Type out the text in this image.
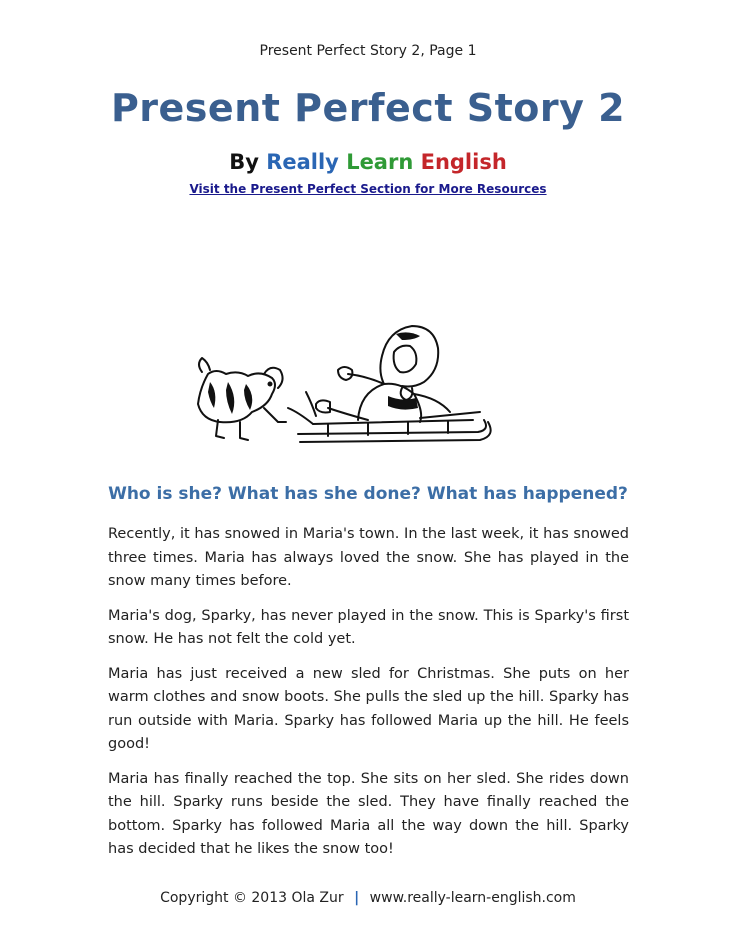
Present Perfect Story 2, Page 1
Present Perfect Story 2
By Really Learn English
Visit the Present Perfect Section for More Resources
Who is she? What has she done? What has happened?

Recently, it has snowed in Maria's town. In the last week, it has snowed three times. Maria has always loved the snow. She has played in the snow many times before.

Maria's dog, Sparky, has never played in the snow. This is Sparky's first snow. He has not felt the cold yet.

Maria has just received a new sled for Christmas. She puts on her warm clothes and snow boots. She pulls the sled up the hill. Sparky has run outside with Maria. Sparky has followed Maria up the hill. He feels good!

Maria has finally reached the top. She sits on her sled. She rides down the hill. Sparky runs beside the sled. They have finally reached the bottom. Sparky has followed Maria all the way down the hill. Sparky has decided that he likes the snow too!

Copyright © 2013 Ola Zur | www.really-learn-english.com
